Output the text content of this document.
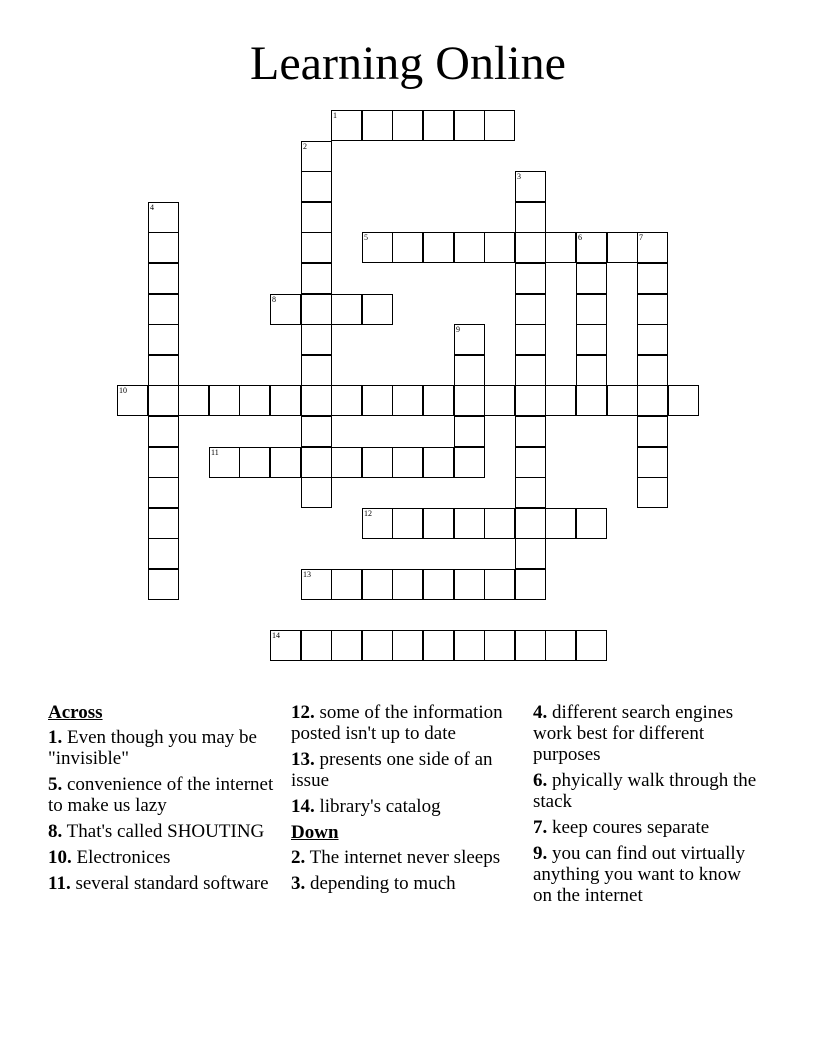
Learning Online
1
2
3
4
5	6	7
8
9
10
11
12
13
14
Across
1. Even though you may be "invisible"
5. convenience of the internet to make us lazy
8. That's called SHOUTING
10. Electronices
11. several standard software
12. some of the information posted isn't up to date
13. presents one side of an issue
14. library's catalog
Down
2. The internet never sleeps
3. depending to much
4. different search engines work best for different purposes
6. phyically walk through the stack
7. keep coures separate
9. you can find out virtually anything you want to know on the internet
